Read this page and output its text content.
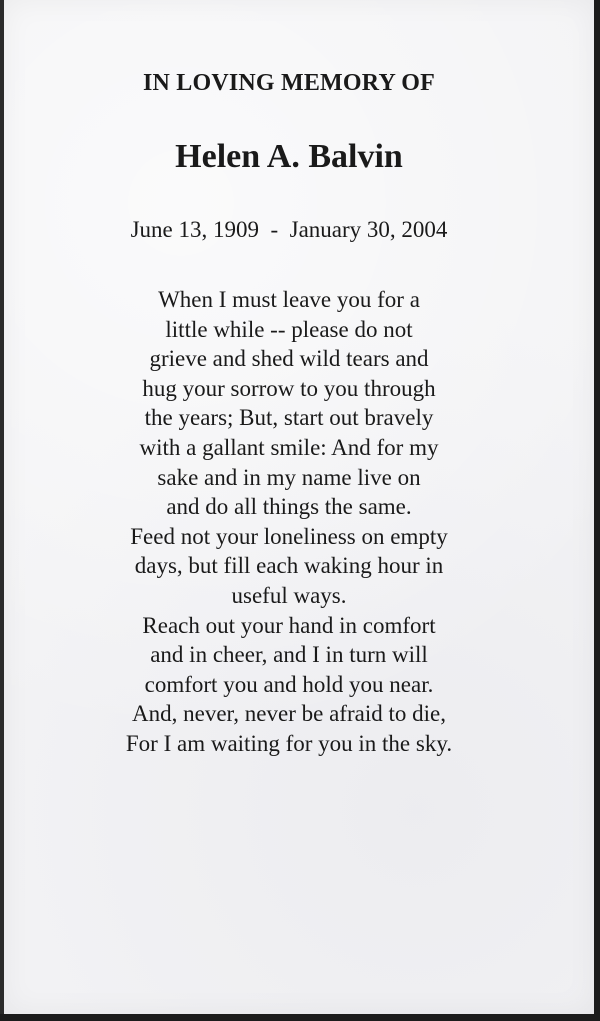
IN LOVING MEMORY OF
Helen A. Balvin
June 13, 1909  -  January 30, 2004
When I must leave you for a
little while -- please do not
grieve and shed wild tears and
hug your sorrow to you through
the years; But, start out bravely
with a gallant smile: And for my
sake and in my name live on
and do all things the same.
Feed not your loneliness on empty
days, but fill each waking hour in
useful ways.
Reach out your hand in comfort
and in cheer, and I in turn will
comfort you and hold you near.
And, never, never be afraid to die,
For I am waiting for you in the sky.
